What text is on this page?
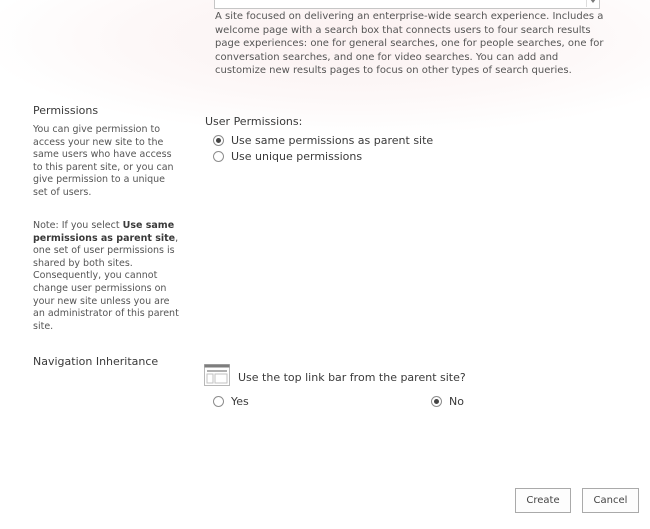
A site focused on delivering an enterprise-wide search experience. Includes a welcome page with a search box that connects users to four search results page experiences: one for general searches, one for people searches, one for conversation searches, and one for video searches. You can add and customize new results pages to focus on other types of search queries.
Permissions
You can give permission to access your new site to the same users who have access to this parent site, or you can give permission to a unique set of users.
Note: If you select Use same permissions as parent site, one set of user permissions is shared by both sites. Consequently, you cannot change user permissions on your new site unless you are an administrator of this parent site.
User Permissions:
Use same permissions as parent site
Use unique permissions
Navigation Inheritance
Use the top link bar from the parent site?
Yes	No
Create	Cancel
